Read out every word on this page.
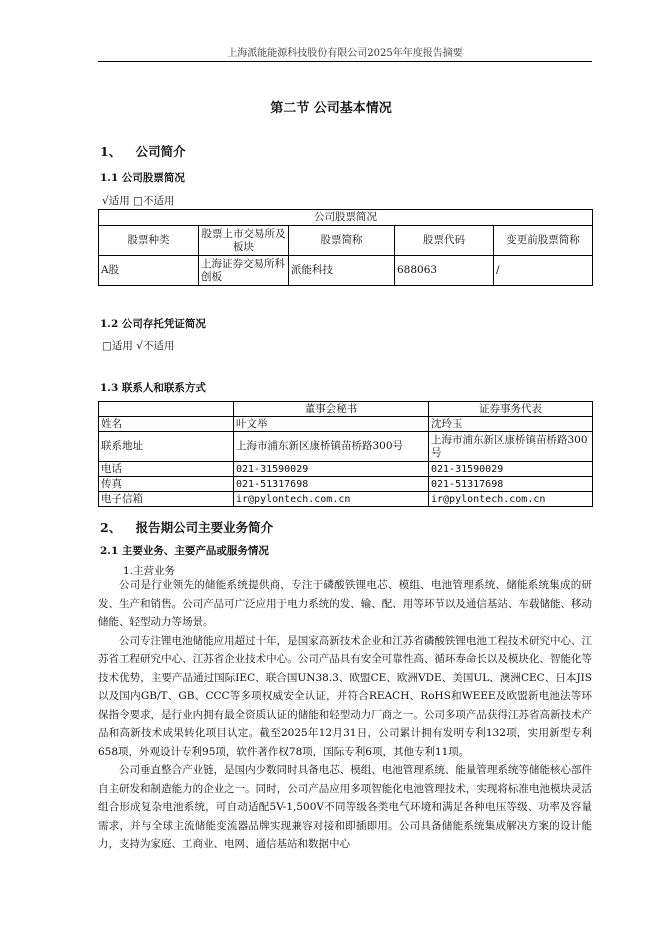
上海派能能源科技股份有限公司2025年年度报告摘要
第二节 公司基本情况
1、 公司简介
1.1 公司股票简况
√适用 □不适用
公司股票简况				
股票种类	股票上市交易所及板块	股票简称	股票代码	变更前股票简称
A股	上海证券交易所科创板	派能科技	688063	/
1.2 公司存托凭证简况
□适用 √不适用
1.3 联系人和联系方式
	董事会秘书	证券事务代表
姓名	叶文举	沈玲玉
联系地址	上海市浦东新区康桥镇苗桥路300号	上海市浦东新区康桥镇苗桥路300号
电话	021-31590029	021-31590029
传真	021-51317698	021-51317698
电子信箱	ir@pylontech.com.cn	ir@pylontech.com.cn
2、 报告期公司主要业务简介
2.1 主要业务、主要产品或服务情况
1.主营业务

公司是行业领先的储能系统提供商，专注于磷酸铁锂电芯、模组、电池管理系统、储能系统集成的研发、生产和销售。公司产品可广泛应用于电力系统的发、输、配、用等环节以及通信基站、车载储能、移动储能、轻型动力等场景。

公司专注锂电池储能应用超过十年，是国家高新技术企业和江苏省磷酸铁锂电池工程技术研究中心、江苏省工程研究中心、江苏省企业技术中心。公司产品具有安全可靠性高、循环寿命长以及模块化、智能化等技术优势，主要产品通过国际IEC、联合国UN38.3、欧盟CE、欧洲VDE、美国UL、澳洲CEC、日本JIS以及国内GB/T、GB、CCC等多项权威安全认证，并符合REACH、RoHS和WEEE及欧盟新电池法等环保指令要求，是行业内拥有最全资质认证的储能和轻型动力厂商之一。公司多项产品获得江苏省高新技术产品和高新技术成果转化项目认定。截至2025年12月31日，公司累计拥有发明专利132项，实用新型专利658项，外观设计专利95项，软件著作权78项，国际专利6项，其他专利11项。

公司垂直整合产业链，是国内少数同时具备电芯、模组、电池管理系统、能量管理系统等储能核心部件自主研发和制造能力的企业之一。同时，公司产品应用多项智能化电池管理技术，实现将标准电池模块灵活组合形成复杂电池系统，可自动适配5V-1,500V不同等级各类电气环境和满足各种电压等级、功率及容量需求，并与全球主流储能变流器品牌实现兼容对接和即插即用。公司具备储能系统集成解决方案的设计能力，支持为家庭、工商业、电网、通信基站和数据中心
